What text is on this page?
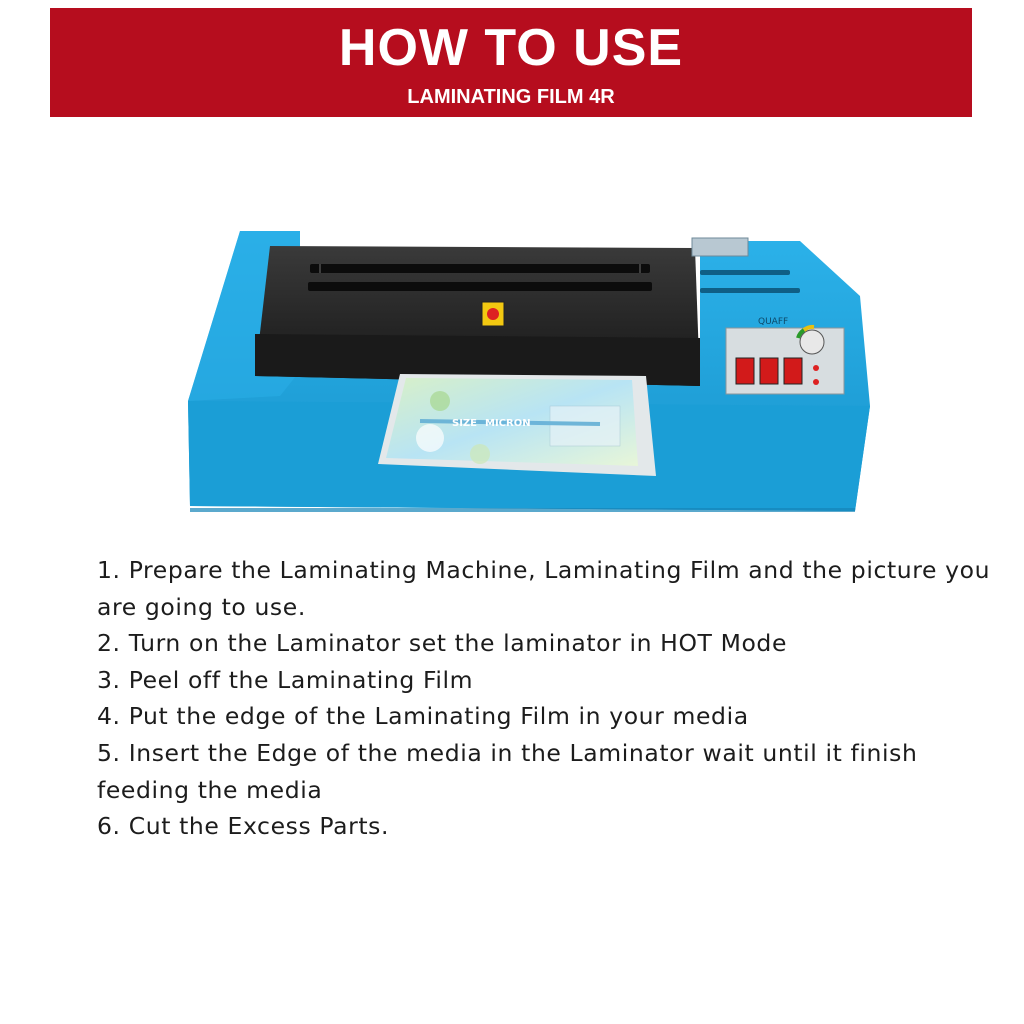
HOW TO USE
LAMINATING FILM 4R
QUAFF
SIZE MICRON
1. Prepare the Laminating Machine, Laminating Film and the picture you are going to use.
2. Turn on the Laminator set the laminator in HOT Mode
3. Peel off the Laminating Film
4. Put the edge of the Laminating Film in your media
5. Insert the Edge of the media in the Laminator wait until it finish feeding the media
6. Cut the Excess Parts.
